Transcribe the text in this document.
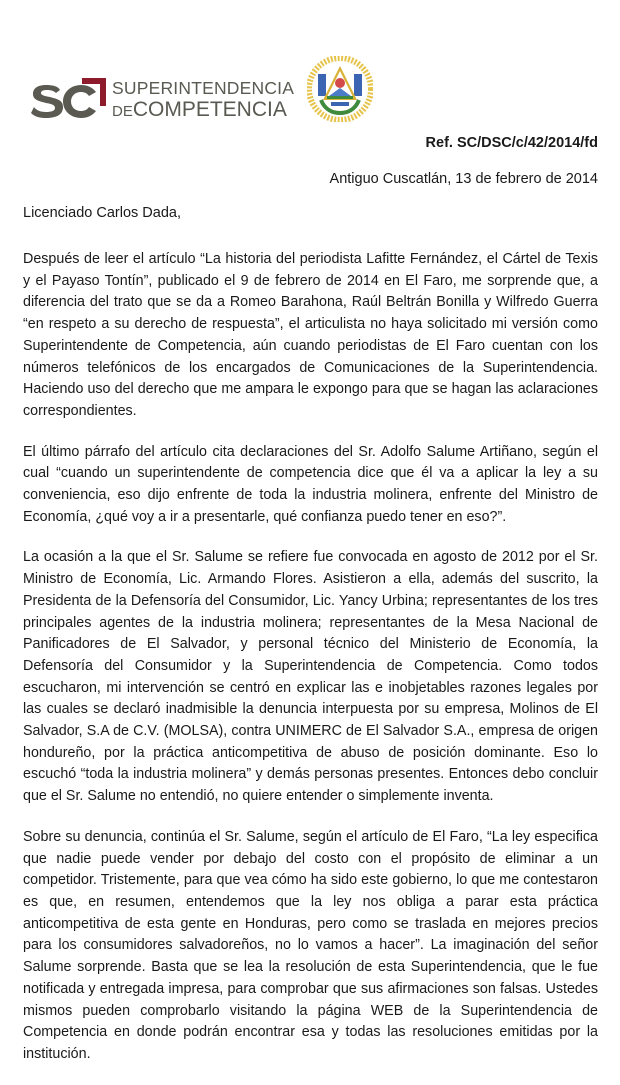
SUPERINTENDENCIA
DECOMPETENCIA
Ref. SC/DSC/c/42/2014/fd
Antiguo Cuscatlán, 13 de febrero de 2014
Licenciado Carlos Dada,

Después de leer el artículo “La historia del periodista Lafitte Fernández, el Cártel de Texis y el Payaso Tontín”, publicado el 9 de febrero de 2014 en El Faro, me sorprende que, a diferencia del trato que se da a Romeo Barahona, Raúl Beltrán Bonilla y Wilfredo Guerra “en respeto a su derecho de respuesta”, el articulista no haya solicitado mi versión como Superintendente de Competencia, aún cuando periodistas de El Faro cuentan con los números telefónicos de los encargados de Comunicaciones de la Superintendencia. Haciendo uso del derecho que me ampara le expongo para que se hagan las aclaraciones correspondientes.

El último párrafo del artículo cita declaraciones del Sr. Adolfo Salume Artiñano, según el cual “cuando un superintendente de competencia dice que él va a aplicar la ley a su conveniencia, eso dijo enfrente de toda la industria molinera, enfrente del Ministro de Economía, ¿qué voy a ir a presentarle, qué confianza puedo tener en eso?”.

La ocasión a la que el Sr. Salume se refiere fue convocada en agosto de 2012 por el Sr. Ministro de Economía, Lic. Armando Flores. Asistieron a ella, además del suscrito, la Presidenta de la Defensoría del Consumidor, Lic. Yancy Urbina; representantes de los tres principales agentes de la industria molinera; representantes de la Mesa Nacional de Panificadores de El Salvador, y personal técnico del Ministerio de Economía, la Defensoría del Consumidor y la Superintendencia de Competencia. Como todos escucharon, mi intervención se centró en explicar las e inobjetables razones legales por las cuales se declaró inadmisible la denuncia interpuesta por su empresa, Molinos de El Salvador, S.A de C.V. (MOLSA), contra UNIMERC de El Salvador S.A., empresa de origen hondureño, por la práctica anticompetitiva de abuso de posición dominante. Eso lo escuchó “toda la industria molinera” y demás personas presentes. Entonces debo concluir que el Sr. Salume no entendió, no quiere entender o simplemente inventa.

Sobre su denuncia, continúa el Sr. Salume, según el artículo de El Faro, “La ley especifica que nadie puede vender por debajo del costo con el propósito de eliminar a un competidor. Tristemente, para que vea cómo ha sido este gobierno, lo que me contestaron es que, en resumen, entendemos que la ley nos obliga a parar esta práctica anticompetitiva de esta gente en Honduras, pero como se traslada en mejores precios para los consumidores salvadoreños, no lo vamos a hacer”. La imaginación del señor Salume sorprende. Basta que se lea la resolución de esta Superintendencia, que le fue notificada y entregada impresa, para comprobar que sus afirmaciones son falsas. Ustedes mismos pueden comprobarlo visitando la página WEB de la Superintendencia de Competencia en donde podrán encontrar esa y todas las resoluciones emitidas por la institución.
